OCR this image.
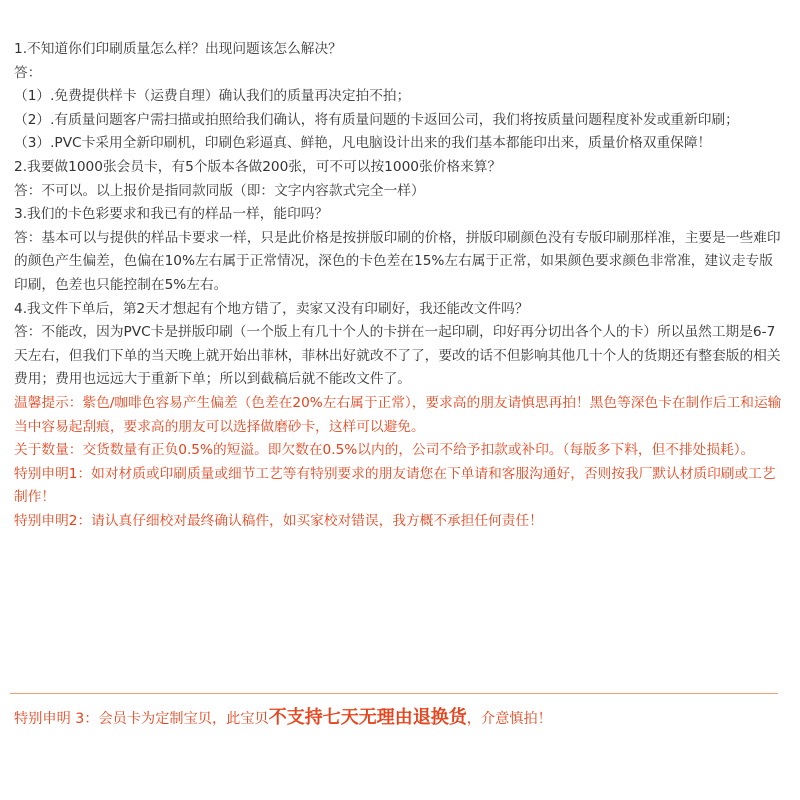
1.不知道你们印刷质量怎么样？出现问题该怎么解决？

答：

（1）.免费提供样卡（运费自理）确认我们的质量再决定拍不拍；

（2）.有质量问题客户需扫描或拍照给我们确认，将有质量问题的卡返回公司，我们将按质量问题程度补发或重新印刷；

（3）.PVC卡采用全新印刷机，印刷色彩逼真、鲜艳，凡电脑设计出来的我们基本都能印出来，质量价格双重保障！

2.我要做1000张会员卡，有5个版本各做200张，可不可以按1000张价格来算？

答：不可以。以上报价是指同款同版（即：文字内容款式完全一样）

3.我们的卡色彩要求和我已有的样品一样，能印吗？

答：基本可以与提供的样品卡要求一样，只是此价格是按拼版印刷的价格，拼版印刷颜色没有专版印刷那样准，主要是一些难印的颜色产生偏差，色偏在10%左右属于正常情况，深色的卡色差在15%左右属于正常，如果颜色要求颜色非常准，建议走专版印刷，色差也只能控制在5%左右。

4.我文件下单后，第2天才想起有个地方错了，卖家又没有印刷好，我还能改文件吗？

答：不能改，因为PVC卡是拼版印刷（一个版上有几十个人的卡拼在一起印刷，印好再分切出各个人的卡）所以虽然工期是6-7天左右，但我们下单的当天晚上就开始出菲林，菲林出好就改不了了，要改的话不但影响其他几十个人的货期还有整套版的相关费用；费用也远远大于重新下单；所以到截稿后就不能改文件了。

温馨提示：紫色/咖啡色容易产生偏差（色差在20%左右属于正常），要求高的朋友请慎思再拍！黑色等深色卡在制作后工和运输当中容易起刮痕，要求高的朋友可以选择做磨砂卡，这样可以避免。

关于数量：交货数量有正负0.5%的短溢。即欠数在0.5%以内的，公司不给予扣款或补印。（每版多下料，但不排处损耗）。

特别申明1：如对材质或印刷质量或细节工艺等有特别要求的朋友请您在下单请和客服沟通好，否则按我厂默认材质印刷或工艺制作！

特别申明2：请认真仔细校对最终确认稿件，如买家校对错误，我方概不承担任何责任！

特别申明 3：会员卡为定制宝贝，此宝贝不支持七天无理由退换货，介意慎拍！
